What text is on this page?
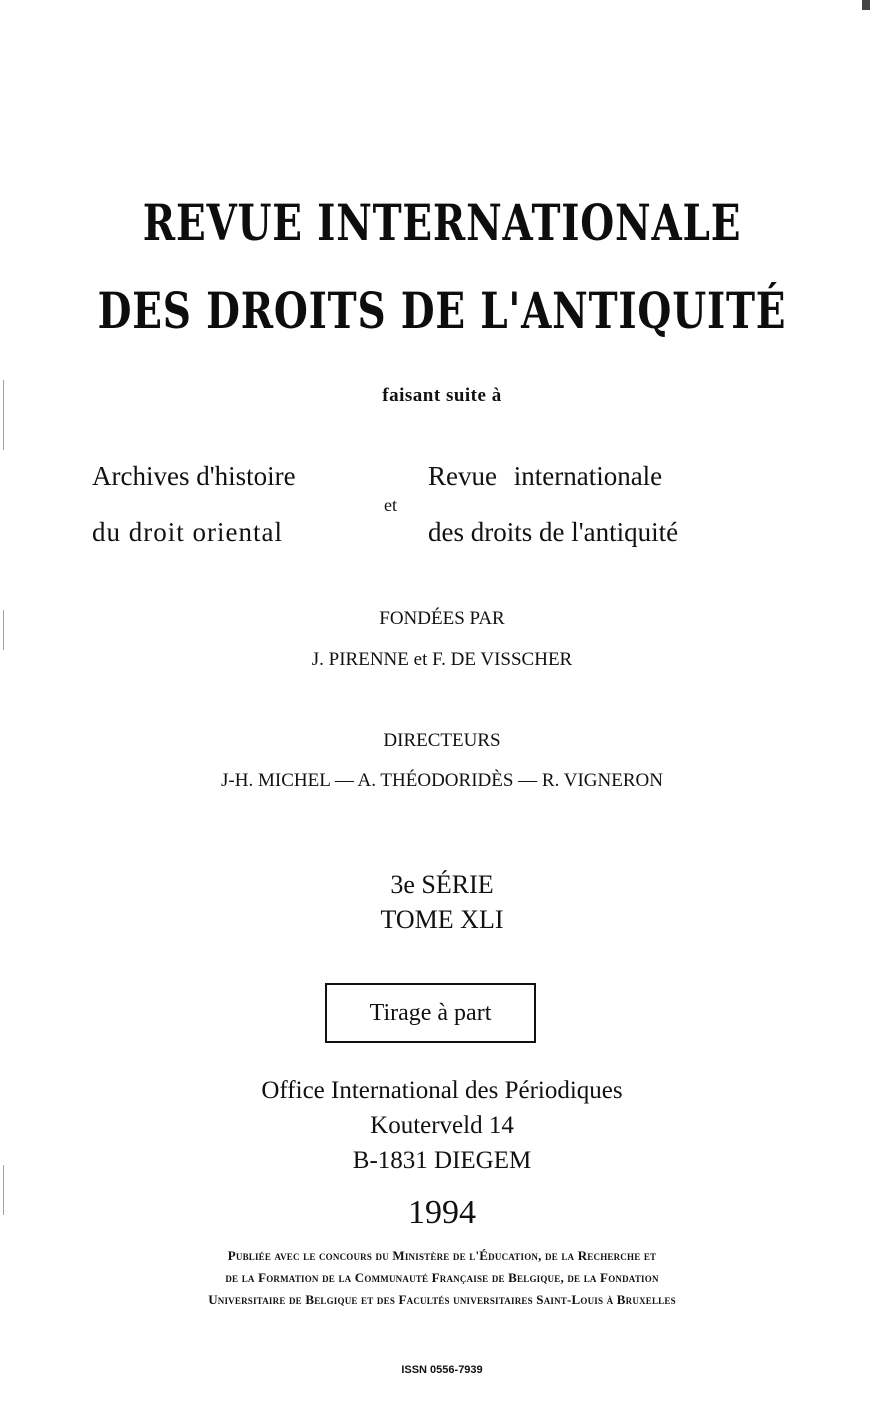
REVUE INTERNATIONALE
DES DROITS DE L'ANTIQUITÉ
faisant suite à
Archives d'histoire
du droit oriental
et
Revue internationale
des droits de l'antiquité
FONDÉES PAR
J. PIRENNE et F. DE VISSCHER
DIRECTEURS
J-H. MICHEL — A. THÉODORIDÈS — R. VIGNERON
3e SÉRIE
TOME XLI
Tirage à part
Office International des Périodiques
Kouterveld 14
B-1831 DIEGEM
1994
Publiée avec le concours du Ministère de l'Éducation, de la Recherche et
de la Formation de la Communauté Française de Belgique, de la Fondation
Universitaire de Belgique et des Facultés universitaires Saint-Louis à Bruxelles
ISSN 0556-7939
